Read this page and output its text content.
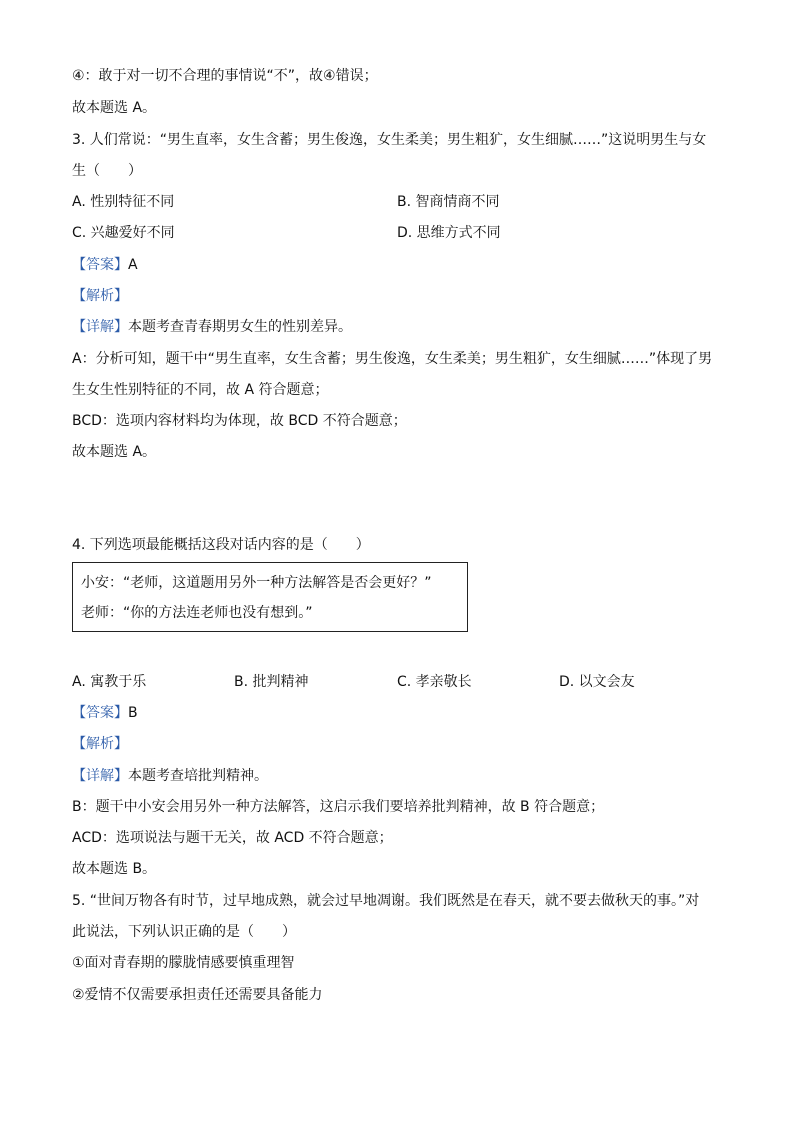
④：敢于对一切不合理的事情说“不”，故④错误；
故本题选 A。
3. 人们常说：“男生直率，女生含蓄；男生俊逸，女生柔美；男生粗犷，女生细腻……”这说明男生与女
生（　　）
A. 性别特征不同	B. 智商情商不同
C. 兴趣爱好不同	D. 思维方式不同
【答案】A
【解析】
【详解】本题考查青春期男女生的性别差异。
A：分析可知，题干中“男生直率，女生含蓄；男生俊逸，女生柔美；男生粗犷，女生细腻……”体现了男
生女生性别特征的不同，故 A 符合题意；
BCD：选项内容材料均为体现，故 BCD 不符合题意；
故本题选 A。
4. 下列选项最能概括这段对话内容的是（　　）
小安：“老师，这道题用另外一种方法解答是否会更好？”
老师：“你的方法连老师也没有想到。”
A. 寓教于乐	B. 批判精神	C. 孝亲敬长	D. 以文会友
【答案】B
【解析】
【详解】本题考查培批判精神。
B：题干中小安会用另外一种方法解答，这启示我们要培养批判精神，故 B 符合题意；
ACD：选项说法与题干无关，故 ACD 不符合题意；
故本题选 B。
5. “世间万物各有时节，过早地成熟，就会过早地凋谢。我们既然是在春天，就不要去做秋天的事。”对
此说法，下列认识正确的是（　　）
①面对青春期的朦胧情感要慎重理智
②爱情不仅需要承担责任还需要具备能力
